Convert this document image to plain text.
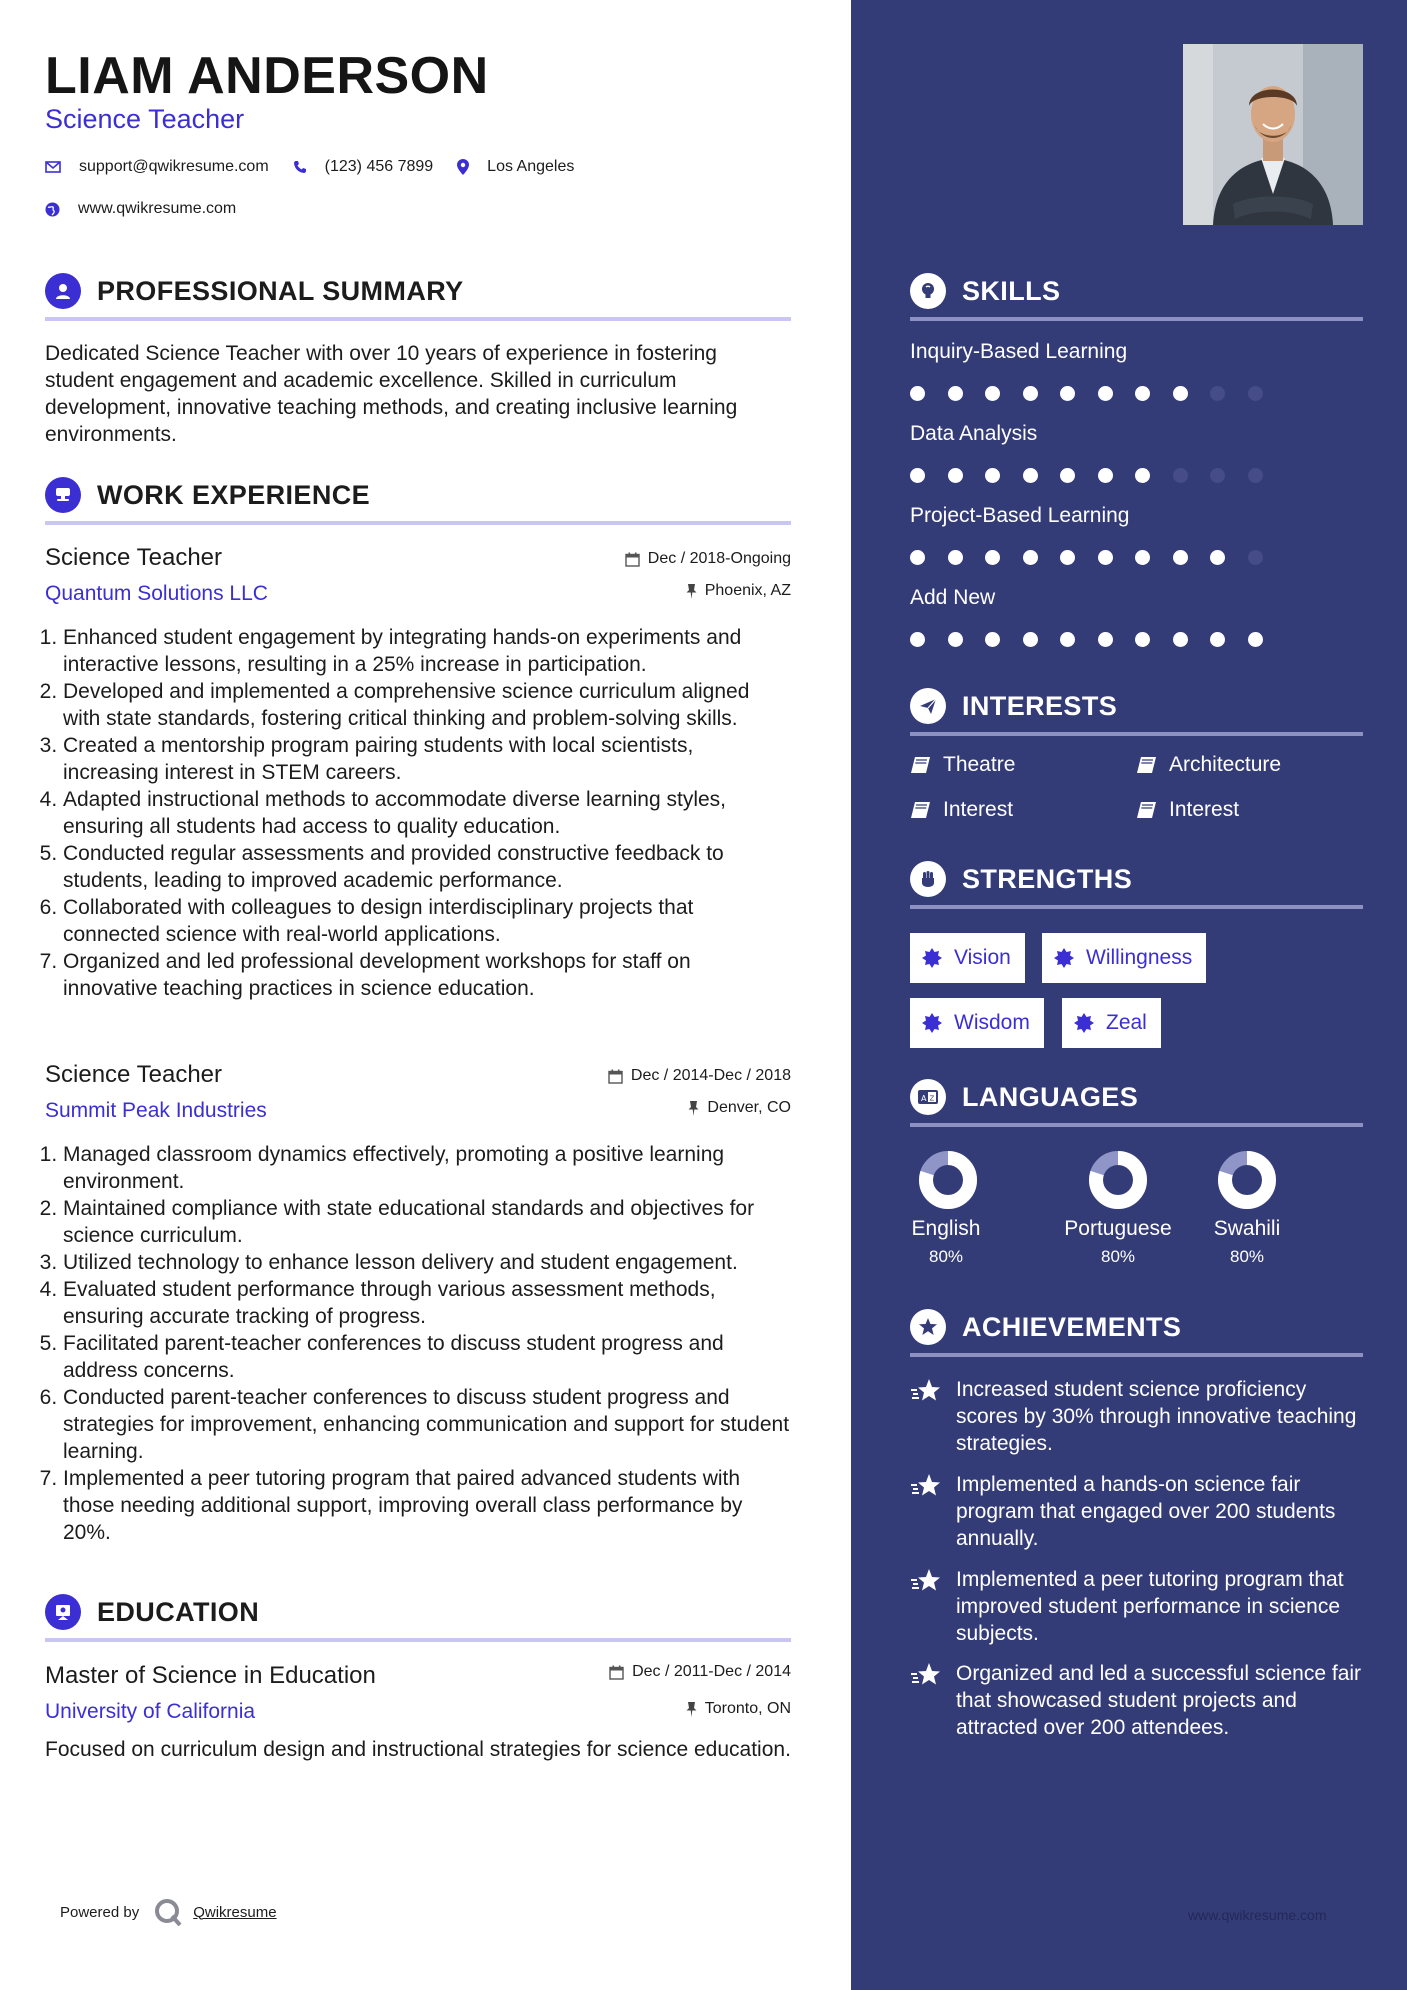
LIAM ANDERSON
Science Teacher
support@qwikresume.com	(123) 456 7899	Los Angeles
www.qwikresume.com
PROFESSIONAL SUMMARY

Dedicated Science Teacher with over 10 years of experience in fostering student engagement and academic excellence. Skilled in curriculum development, innovative teaching methods, and creating inclusive learning environments.

WORK EXPERIENCE
Science Teacher
Quantum Solutions LLC
Dec / 2018-Ongoing
Phoenix, AZ
1. Enhanced student engagement by integrating hands-on experiments and interactive lessons, resulting in a 25% increase in participation.
2. Developed and implemented a comprehensive science curriculum aligned with state standards, fostering critical thinking and problem-solving skills.
3. Created a mentorship program pairing students with local scientists, increasing interest in STEM careers.
4. Adapted instructional methods to accommodate diverse learning styles, ensuring all students had access to quality education.
5. Conducted regular assessments and provided constructive feedback to students, leading to improved academic performance.
6. Collaborated with colleagues to design interdisciplinary projects that connected science with real-world applications.
7. Organized and led professional development workshops for staff on innovative teaching practices in science education.
Science Teacher
Summit Peak Industries
Dec / 2014-Dec / 2018
Denver, CO
1. Managed classroom dynamics effectively, promoting a positive learning environment.
2. Maintained compliance with state educational standards and objectives for science curriculum.
3. Utilized technology to enhance lesson delivery and student engagement.
4. Evaluated student performance through various assessment methods, ensuring accurate tracking of progress.
5. Facilitated parent-teacher conferences to discuss student progress and address concerns.
6. Conducted parent-teacher conferences to discuss student progress and strategies for improvement, enhancing communication and support for student learning.
7. Implemented a peer tutoring program that paired advanced students with those needing additional support, improving overall class performance by 20%.
EDUCATION
Master of Science in Education
University of California
Dec / 2011-Dec / 2014
Toronto, ON

Focused on curriculum design and instructional strategies for science education.

Powered by	Qwikresume	www.qwikresume.com
SKILLS
Inquiry-Based Learning
Data Analysis
Project-Based Learning
Add New
INTERESTS
Theatre	Architecture
Interest	Interest
STRENGTHS
Vision	Willingness
Wisdom	Zeal
A Z LANGUAGES
English
80%
Portuguese
80%
Swahili
80%
ACHIEVEMENTS
Increased student science proficiency scores by 30% through innovative teaching strategies.
Implemented a hands-on science fair program that engaged over 200 students annually.
Implemented a peer tutoring program that improved student performance in science subjects.
Organized and led a successful science fair that showcased student projects and attracted over 200 attendees.
